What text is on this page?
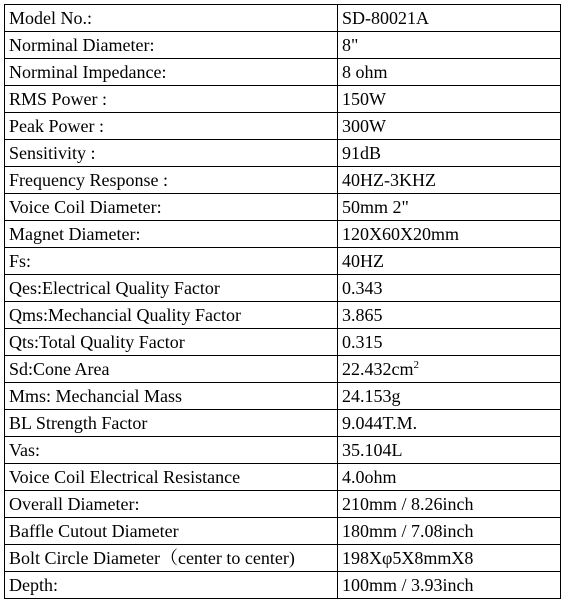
Model No.:	SD-80021A
Norminal Diameter:	8"
Norminal Impedance:	8 ohm
RMS Power :	150W
Peak Power :	300W
Sensitivity :	91dB
Frequency Response :	40HZ-3KHZ
Voice Coil Diameter:	50mm 2"
Magnet Diameter:	120X60X20mm
Fs:	40HZ
Qes:Electrical Quality Factor	0.343
Qms:Mechancial Quality Factor	3.865
Qts:Total Quality Factor	0.315
Sd:Cone Area	$22.432cm^2$
Mms: Mechancial Mass	24.153g
BL Strength Factor	9.044T.M.
Vas:	35.104L
Voice Coil Electrical Resistance	4.0ohm
Overall Diameter:	210mm / 8.26inch
Baffle Cutout Diameter	180mm / 7.08inch
Bolt Circle Diameter（center to center)	198Xφ5X8mmX8
Depth:	100mm / 3.93inch
